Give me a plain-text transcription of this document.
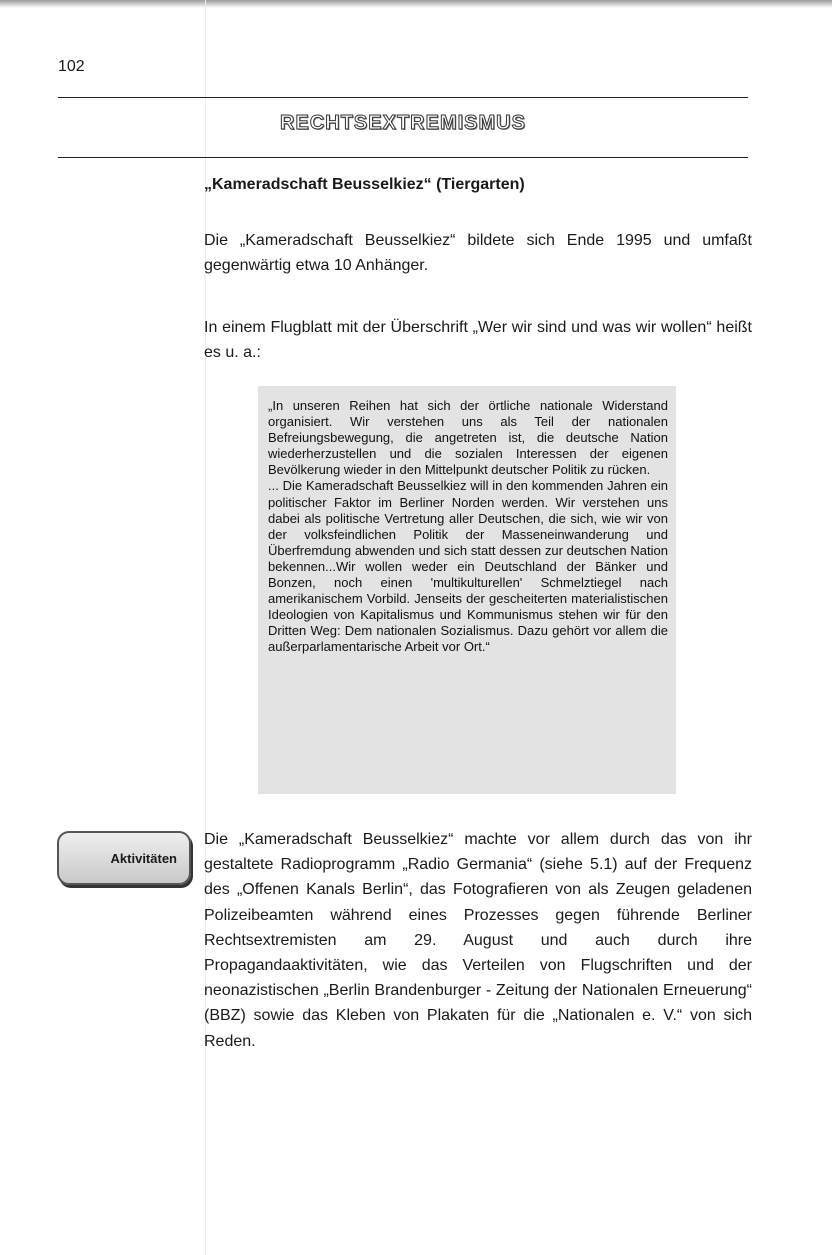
102
RECHTSEXTREMISMUS
„Kameradschaft Beusselkiez“ (Tiergarten)
Die „Kameradschaft Beusselkiez“ bildete sich Ende 1995 und umfaßt gegenwärtig etwa 10 Anhänger.
In einem Flugblatt mit der Überschrift „Wer wir sind und was wir wollen“ heißt es u. a.:
„In unseren Reihen hat sich der örtliche nationale Widerstand organisiert. Wir verstehen uns als Teil der nationalen Befreiungsbewegung, die angetreten ist, die deutsche Nation wiederherzustellen und die sozialen Interessen der eigenen Bevölkerung wieder in den Mittelpunkt deutscher Politik zu rücken.
... Die Kameradschaft Beusselkiez will in den kommenden Jahren ein politischer Faktor im Berliner Norden werden. Wir verstehen uns dabei als politische Vertretung aller Deutschen, die sich, wie wir von der volksfeindlichen Politik der Masseneinwanderung und Überfremdung abwenden und sich statt dessen zur deutschen Nation bekennen...Wir wollen weder ein Deutschland der Bänker und Bonzen, noch einen 'multikulturellen' Schmelztiegel nach amerikanischem Vorbild. Jenseits der gescheiterten materialistischen Ideologien von Kapitalismus und Kommunismus stehen wir für den Dritten Weg: Dem nationalen Sozialismus. Dazu gehört vor allem die außerparlamentarische Arbeit vor Ort.“
Aktivitäten
Die „Kameradschaft Beusselkiez“ machte vor allem durch das von ihr gestaltete Radioprogramm „Radio Germania“ (siehe 5.1) auf der Frequenz des „Offenen Kanals Berlin“, das Fotografieren von als Zeugen geladenen Polizeibeamten während eines Prozesses gegen führende Berliner Rechtsextremisten am 29. August und auch durch ihre Propagandaaktivitäten, wie das Verteilen von Flugschriften und der neonazistischen „Berlin Brandenburger - Zeitung der Nationalen Erneuerung“ (BBZ) sowie das Kleben von Plakaten für die „Nationalen e. V.“ von sich Reden.
